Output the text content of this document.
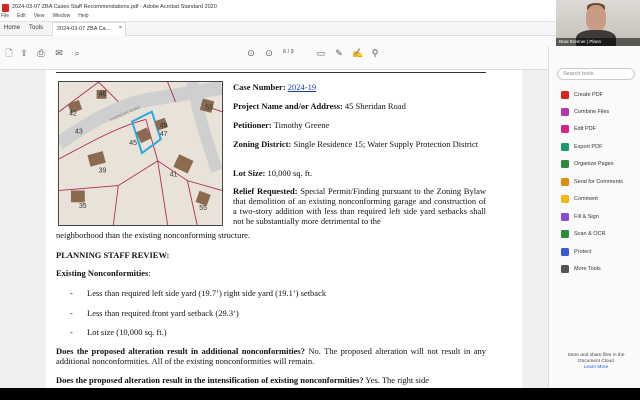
2024-03-07 ZBA Cases Staff Recommendations.pdf - Adobe Acrobat Standard 2020
File Edit View Window Help
Home Tools	2024-03-07 ZBA Ca... ×
🗋 ⇪ ⎙ ✉ ⌕	⊙ ⊙ 6 / 9	▭ ✎ ✍ ⚲
Brad Brenner | Plann
42
46
47
53
45
43
49
39
41
35	55
SHERIDAN ROAD
Case Number: 2024-19
Project Name and/or Address: 45 Sheridan Road
Petitioner: Timothy Greene
Zoning District: Single Residence 15; Water Supply Protection District
Lot Size: 10,000 sq. ft.
Relief Requested: Special Permit/Finding pursuant to the Zoning Bylaw that demolition of an existing nonconforming garage and construction of a two-story addition with less than required left side yard setbacks shall not be substantially more detrimental to the
neighborhood than the existing nonconforming structure.
PLANNING STAFF REVIEW:
Existing Nonconformities:
- Less than required left side yard (19.7’) right side yard (19.1’) setback
- Less than required front yard setback (29.3’)
- Lot size (10,000 sq. ft.)
Does the proposed alteration result in additional nonconformities? No. The proposed alteration will not result in any additional nonconformities. All of the existing nonconformities will remain.
Does the proposed alteration result in the intensification of existing nonconformities? Yes. The right side
Search tools
Create PDF
Combine Files
Edit PDF
Export PDF
Organize Pages
Send for Comments
Comment
Fill & Sign
Scan & OCR
Protect
More Tools
Store and share files in the
Document Cloud
Learn More
